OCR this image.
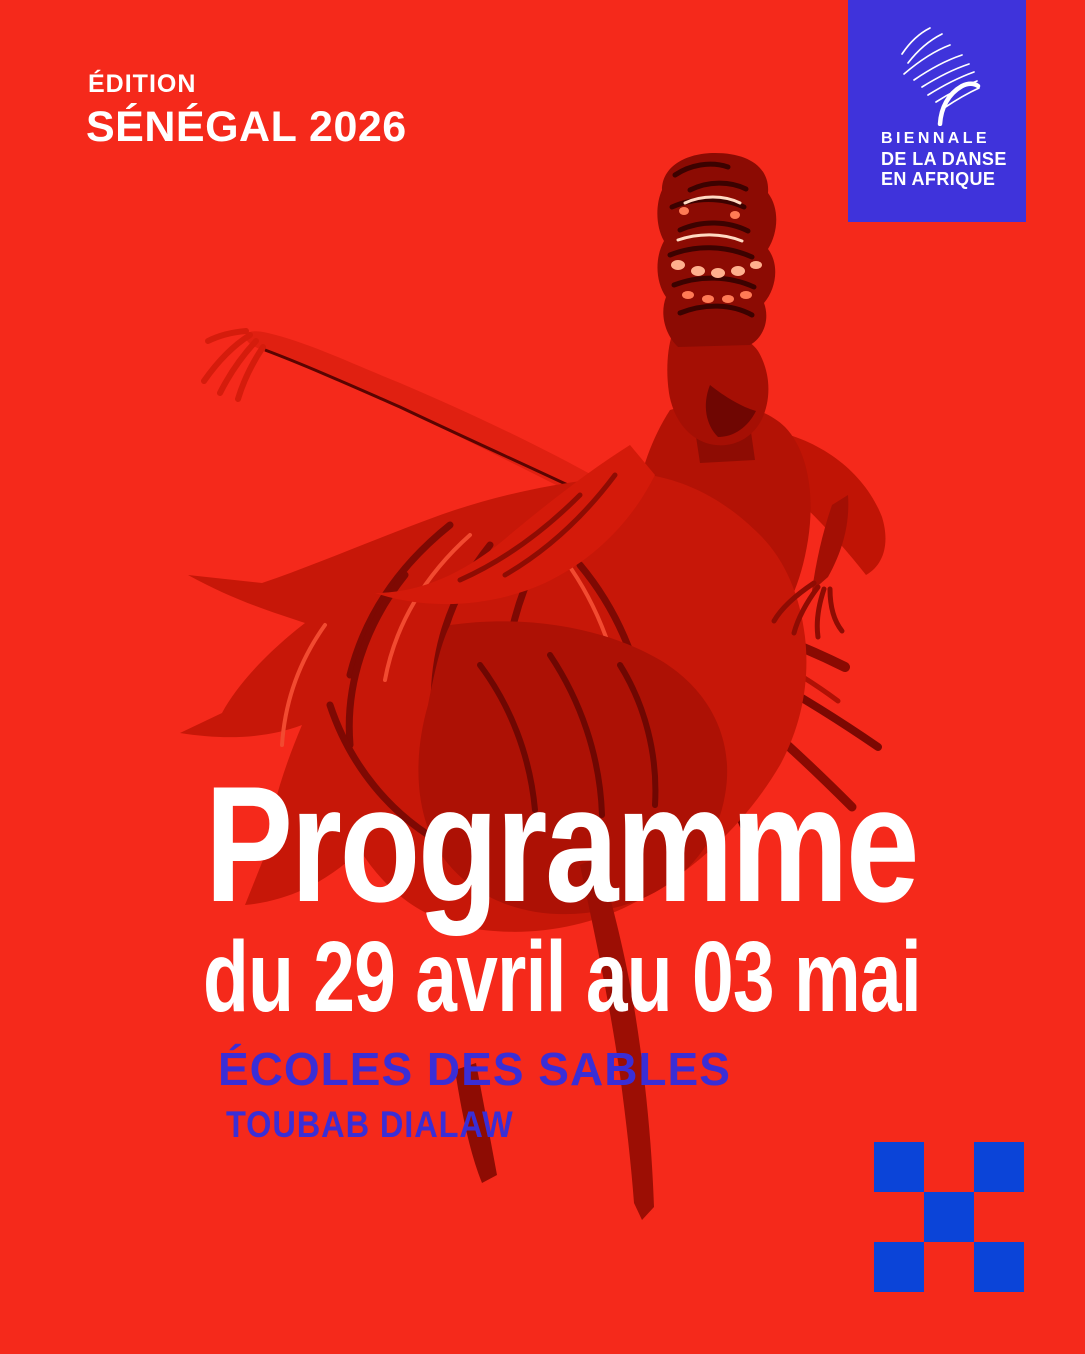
ÉDITION
SÉNÉGAL 2026
Programme
du 29 avril au 03 mai
ÉCOLES DES SABLES
TOUBAB DIALAW
BIENNALE
DE LA DANSE
EN AFRIQUE
